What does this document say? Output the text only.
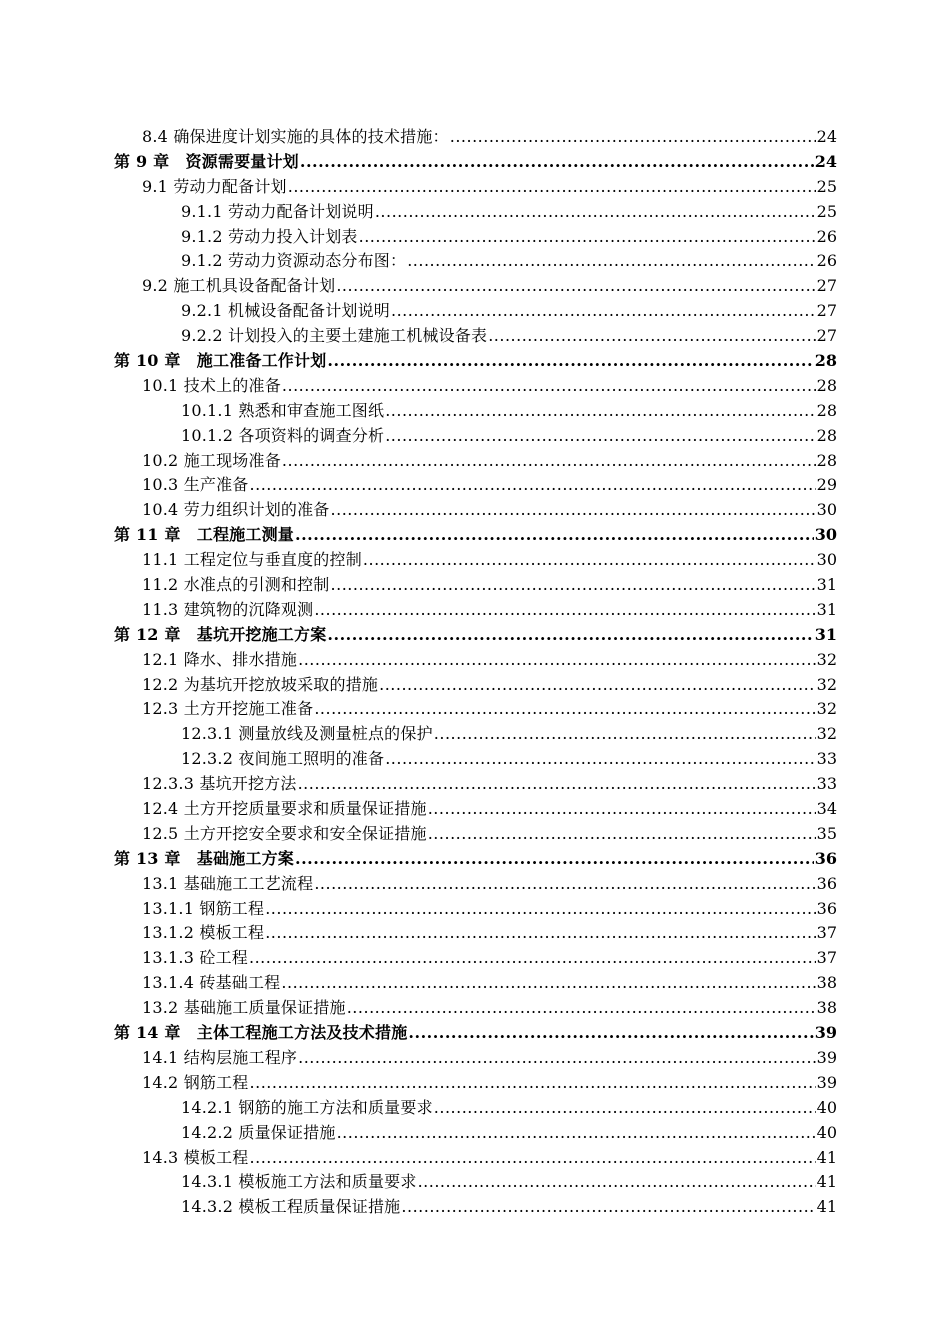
8.4 确保进度计划实施的具体的技术措施： .....	24
第 9 章　资源需要量计划 .....	24
9.1 劳动力配备计划 .....	25
9.1.1 劳动力配备计划说明 .....	25
9.1.2 劳动力投入计划表 .....	26
9.1.2 劳动力资源动态分布图： .....	26
9.2 施工机具设备配备计划 .....	27
9.2.1 机械设备配备计划说明 .....	27
9.2.2 计划投入的主要土建施工机械设备表 .....	27
第 10 章　施工准备工作计划 .....	28
10.1 技术上的准备 .....	28
10.1.1 熟悉和审查施工图纸 .....	28
10.1.2 各项资料的调查分析 .....	28
10.2 施工现场准备 .....	28
10.3 生产准备 .....	29
10.4 劳力组织计划的准备 .....	30
第 11 章　工程施工测量 .....	30
11.1 工程定位与垂直度的控制 .....	30
11.2 水准点的引测和控制 .....	31
11.3 建筑物的沉降观测 .....	31
第 12 章　基坑开挖施工方案 .....	31
12.1 降水、排水措施 .....	32
12.2 为基坑开挖放坡采取的措施 .....	32
12.3 土方开挖施工准备 .....	32
12.3.1 测量放线及测量桩点的保护 .....	32
12.3.2 夜间施工照明的准备 .....	33
12.3.3 基坑开挖方法 .....	33
12.4 土方开挖质量要求和质量保证措施 .....	34
12.5 土方开挖安全要求和安全保证措施 .....	35
第 13 章　基础施工方案 .....	36
13.1 基础施工工艺流程 .....	36
13.1.1 钢筋工程 .....	36
13.1.2 模板工程 .....	37
13.1.3 砼工程 .....	37
13.1.4 砖基础工程 .....	38
13.2 基础施工质量保证措施 .....	38
第 14 章　主体工程施工方法及技术措施 .....	39
14.1 结构层施工程序 .....	39
14.2 钢筋工程 .....	39
14.2.1 钢筋的施工方法和质量要求 .....	40
14.2.2 质量保证措施 .....	40
14.3 模板工程 .....	41
14.3.1 模板施工方法和质量要求 .....	41
14.3.2 模板工程质量保证措施 .....	41
